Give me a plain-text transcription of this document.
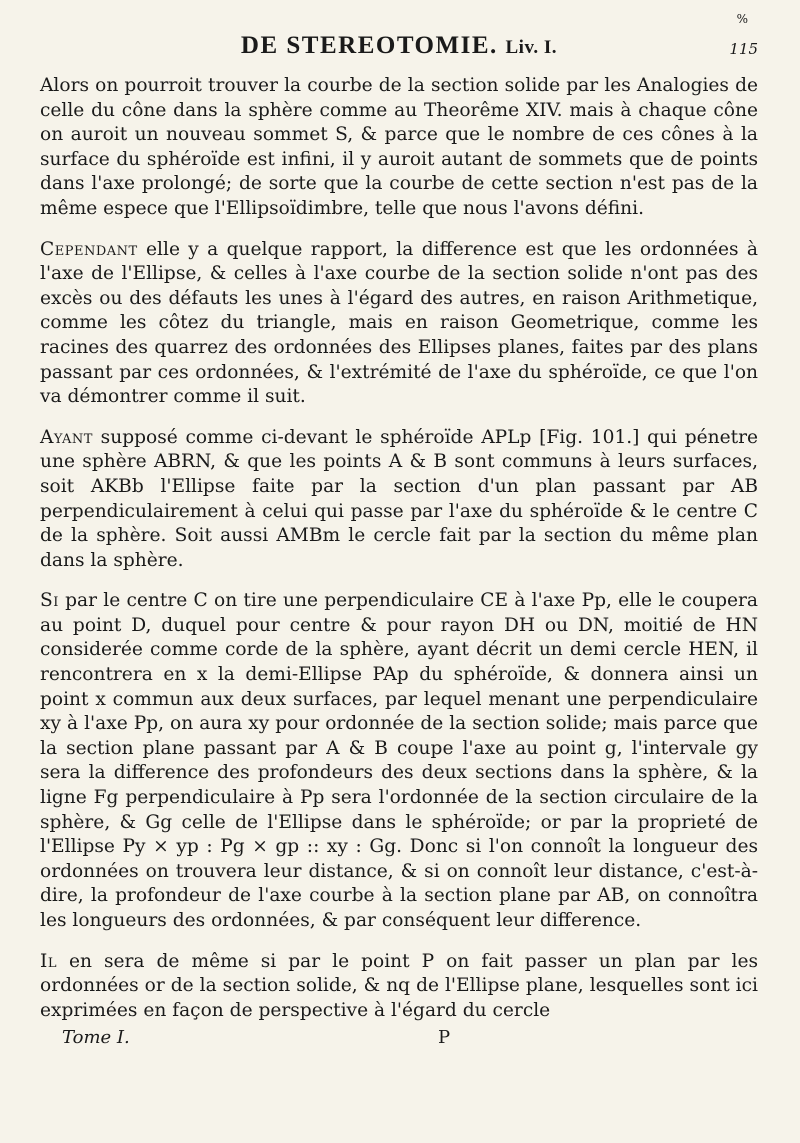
%
DE STEREOTOMIE. Liv. I.	115

Alors on pourroit trouver la courbe de la section solide par les Analogies de celle du cône dans la sphère comme au Theorême XIV. mais à chaque cône on auroit un nouveau sommet S, & parce que le nombre de ces cônes à la surface du sphéroïde est infini, il y auroit autant de sommets que de points dans l'axe prolongé; de sorte que la courbe de cette section n'est pas de la même espece que l'Ellipsoïdimbre, telle que nous l'avons défini.

Cependant elle y a quelque rapport, la difference est que les ordonnées à l'axe de l'Ellipse, & celles à l'axe courbe de la section solide n'ont pas des excès ou des défauts les unes à l'égard des autres, en raison Arithmetique, comme les côtez du triangle, mais en raison Geometrique, comme les racines des quarrez des ordonnées des Ellipses planes, faites par des plans passant par ces ordonnées, & l'extrémité de l'axe du sphéroïde, ce que l'on va démontrer comme il suit.

Ayant supposé comme ci-devant le sphéroïde APLp [Fig. 101.] qui pénetre une sphère ABRN, & que les points A & B sont communs à leurs surfaces, soit AKBb l'Ellipse faite par la section d'un plan passant par AB perpendiculairement à celui qui passe par l'axe du sphéroïde & le centre C de la sphère. Soit aussi AMBm le cercle fait par la section du même plan dans la sphère.

Si par le centre C on tire une perpendiculaire CE à l'axe Pp, elle le coupera au point D, duquel pour centre & pour rayon DH ou DN, moitié de HN considerée comme corde de la sphère, ayant décrit un demi cercle HEN, il rencontrera en x la demi-Ellipse PAp du sphéroïde, & donnera ainsi un point x commun aux deux surfaces, par lequel menant une perpendiculaire xy à l'axe Pp, on aura xy pour ordonnée de la section solide; mais parce que la section plane passant par A & B coupe l'axe au point g, l'intervale gy sera la difference des profondeurs des deux sections dans la sphère, & la ligne Fg perpendiculaire à Pp sera l'ordonnée de la section circulaire de la sphère, & Gg celle de l'Ellipse dans le sphéroïde; or par la proprieté de l'Ellipse Py × yp : Pg × gp :: xy : Gg. Donc si l'on connoît la longueur des ordonnées on trouvera leur distance, & si on connoît leur distance, c'est-à-dire, la profondeur de l'axe courbe à la section plane par AB, on connoîtra les longueurs des ordonnées, & par conséquent leur difference.

Il en sera de même si par le point P on fait passer un plan par les ordonnées or de la section solide, & nq de l'Ellipse plane, lesquelles sont ici exprimées en façon de perspective à l'égard du cercle

Tome I.	P
